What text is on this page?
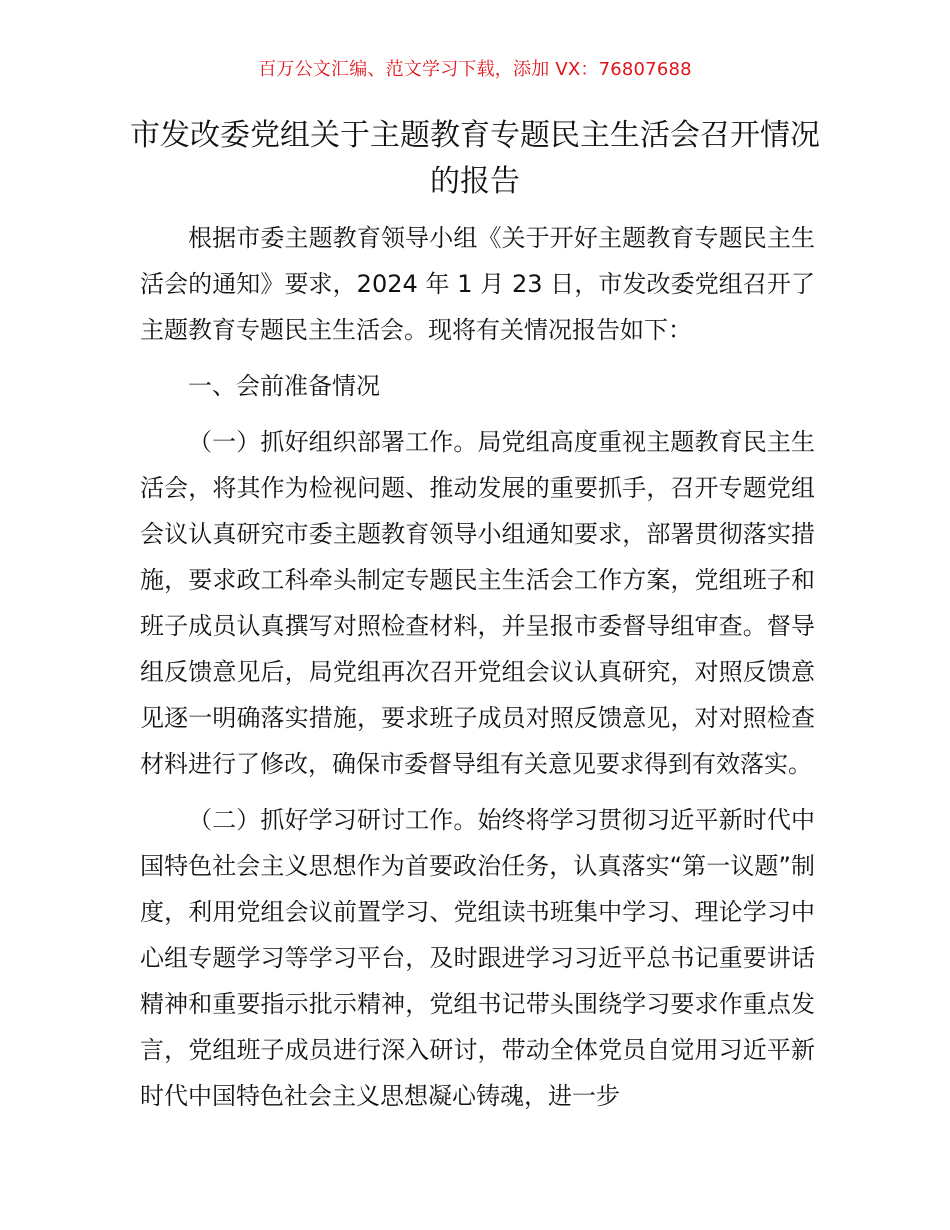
百万公文汇编、范文学习下载，添加 VX：76807688
市发改委党组关于主题教育专题民主生活会召开情况的报告

根据市委主题教育领导小组《关于开好主题教育专题民主生活会的通知》要求，2024 年 1 月 23 日，市发改委党组召开了主题教育专题民主生活会。现将有关情况报告如下：

一、会前准备情况

（一）抓好组织部署工作。局党组高度重视主题教育民主生活会，将其作为检视问题、推动发展的重要抓手，召开专题党组会议认真研究市委主题教育领导小组通知要求，部署贯彻落实措施，要求政工科牵头制定专题民主生活会工作方案，党组班子和班子成员认真撰写对照检查材料，并呈报市委督导组审查。督导组反馈意见后，局党组再次召开党组会议认真研究，对照反馈意见逐一明确落实措施，要求班子成员对照反馈意见，对对照检查材料进行了修改，确保市委督导组有关意见要求得到有效落实。

（二）抓好学习研讨工作。始终将学习贯彻习近平新时代中国特色社会主义思想作为首要政治任务，认真落实“第一议题”制度，利用党组会议前置学习、党组读书班集中学习、理论学习中心组专题学习等学习平台，及时跟进学习习近平总书记重要讲话精神和重要指示批示精神，党组书记带头围绕学习要求作重点发言，党组班子成员进行深入研讨，带动全体党员自觉用习近平新时代中国特色社会主义思想凝心铸魂，进一步
